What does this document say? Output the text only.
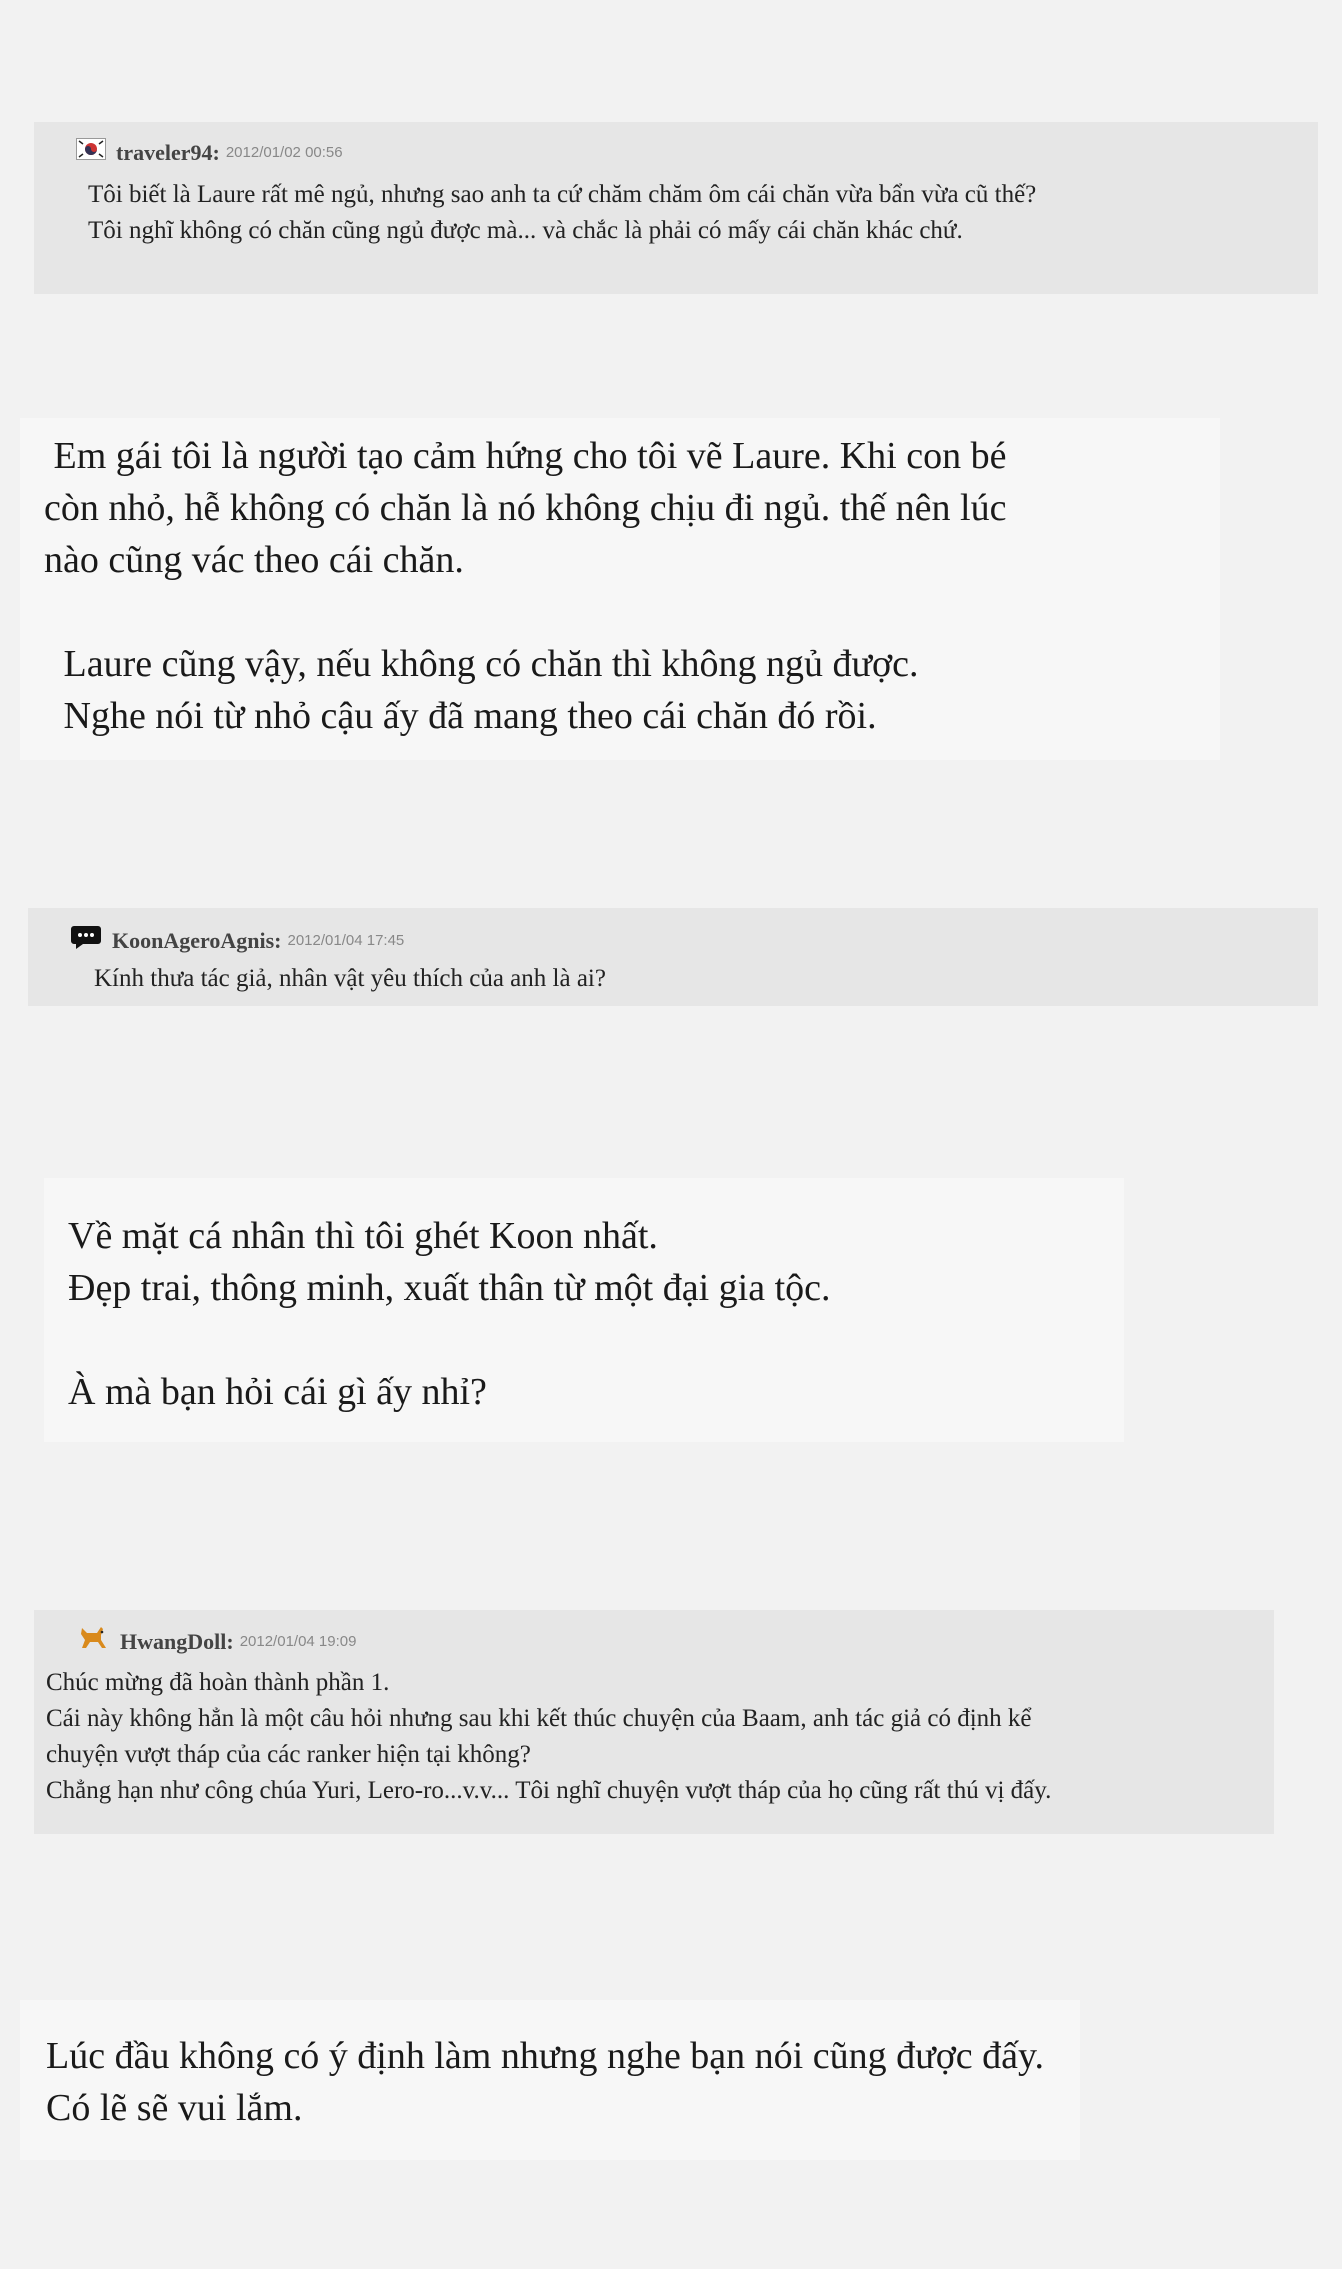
traveler94: 2012/01/02 00:56
Tôi biết là Laure rất mê ngủ, nhưng sao anh ta cứ chăm chăm ôm cái chăn vừa bẩn vừa cũ thế?
Tôi nghĩ không có chăn cũng ngủ được mà... và chắc là phải có mấy cái chăn khác chứ.
Em gái tôi là người tạo cảm hứng cho tôi vẽ Laure. Khi con bé
còn nhỏ, hễ không có chăn là nó không chịu đi ngủ. thế nên lúc
nào cũng vác theo cái chăn.
Laure cũng vậy, nếu không có chăn thì không ngủ được.
Nghe nói từ nhỏ cậu ấy đã mang theo cái chăn đó rồi.
KoonAgeroAgnis: 2012/01/04 17:45
Kính thưa tác giả, nhân vật yêu thích của anh là ai?
Về mặt cá nhân thì tôi ghét Koon nhất.
Đẹp trai, thông minh, xuất thân từ một đại gia tộc.
À mà bạn hỏi cái gì ấy nhỉ?
HwangDoll: 2012/01/04 19:09
Chúc mừng đã hoàn thành phần 1.
Cái này không hẳn là một câu hỏi nhưng sau khi kết thúc chuyện của Baam, anh tác giả có định kể
chuyện vượt tháp của các ranker hiện tại không?
Chẳng hạn như công chúa Yuri, Lero-ro...v.v... Tôi nghĩ chuyện vượt tháp của họ cũng rất thú vị đấy.
Lúc đầu không có ý định làm nhưng nghe bạn nói cũng được đấy.
Có lẽ sẽ vui lắm.
